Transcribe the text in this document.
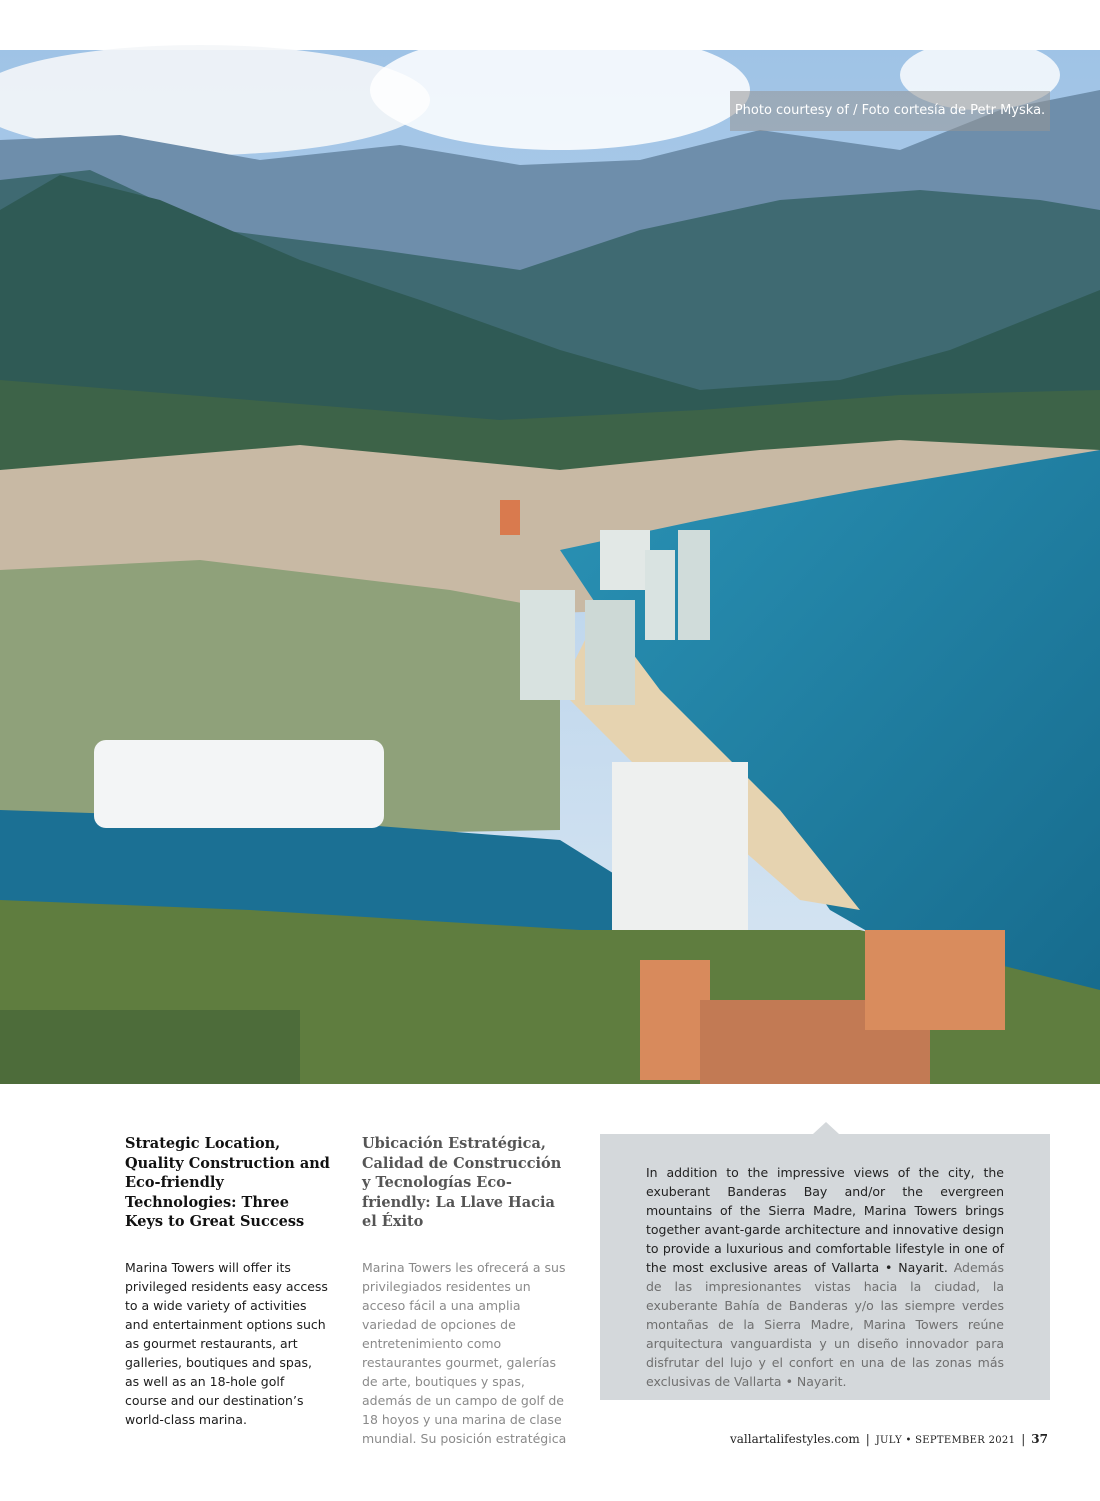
Photo courtesy of / Foto cortesía de Petr Myska.
Strategic Location, Quality Construction and Eco-friendly Technologies: Three Keys to Great Success

Marina Towers will offer its privileged residents easy access to a wide variety of activities and entertainment options such as gourmet restaurants, art galleries, boutiques and spas, as well as an 18-hole golf course and our destination’s world-class marina.

Ubicación Estratégica, Calidad de Construcción y Tecnologías Eco-friendly: La Llave Hacia el Éxito

Marina Towers les ofrecerá a sus privilegiados residentes un acceso fácil a una amplia variedad de opciones de entretenimiento como restaurantes gourmet, galerías de arte, boutiques y spas, además de un campo de golf de 18 hoyos y una marina de clase mundial. Su posición estratégica

In addition to the impressive views of the city, the exuberant Banderas Bay and/or the evergreen mountains of the Sierra Madre, Marina Towers brings together avant-garde architecture and innovative design to provide a luxurious and comfortable lifestyle in one of the most exclusive areas of Vallarta • Nayarit. Además de las impresionantes vistas hacia la ciudad, la exuberante Bahía de Banderas y/o las siempre verdes montañas de la Sierra Madre, Marina Towers reúne arquitectura vanguardista y un diseño innovador para disfrutar del lujo y el confort en una de las zonas más exclusivas de Vallarta • Nayarit.

vallartalifestyles.com | JULY • SEPTEMBER 2021 | 37
